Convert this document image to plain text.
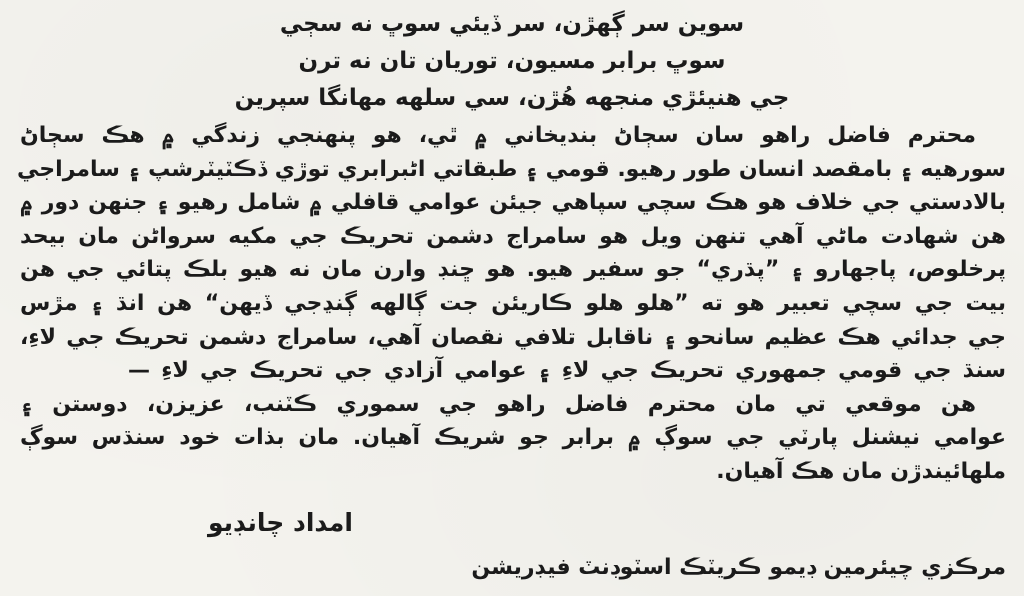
سوين سر ڳهڙن، سر ڏيئي سوڀ نه سڄي
سوڀ برابر مسيون، توريان تان نه ترن
جي هنيئڙي منجهه هُڙن، سي سلهه مهانگا سپرين
محترم فاضل راهو سان سڄاڻ بنديخاني ۾ ٿي، هو پنهنجي زندگي ۾ هڪ سڄاڻ
سورهيه ۽ بامقصد انسان طور رهيو. قومي ۽ طبقاتي اڻبرابري توڙي ڏڪٽيٽرشپ ۽ سامراجي
بالادستي جي خلاف هو هڪ سچي سپاهي جيئن عوامي قافلي ۾ شامل رهيو ۽ جنهن دور ۾
هن شهادت ماڻي آهي تنهن ويل هو سامراج دشمن تحريڪ جي مکيه سرواڻن مان بيحد
پرخلوص، پاجهارو ۽ ”پڌري“ جو سفير هيو. هو ڇنڊ وارن مان نه هيو بلڪ پتائي جي هن
بيت جي سچي تعبير هو ته ”هلو هلو ڪاريئن جت ڳالهه ڳنڍجي ڏيهن“ هن انڌ ۽ مڙس
جي جدائي هڪ عظيم سانحو ۽ ناقابل تلافي نقصان آهي، سامراج دشمن تحريڪ جي لاءِ،
سنڌ جي قومي جمهوري تحريڪ جي لاءِ ۽ عوامي آزادي جي تحريڪ جي لاءِ —
هن موقعي تي مان محترم فاضل راهو جي سموري ڪٽنب، عزيزن، دوستن ۽
عوامي نيشنل پارٽي جي سوڳ ۾ برابر جو شريڪ آهيان. مان بذات خود سنڌس سوڳ
ملهائيندڙن مان هڪ آهيان.
امداد چانڊيو
مرڪزي چيئرمين ڊيمو ڪريٽڪ اسٽوڊنٽ فيڊريشن
